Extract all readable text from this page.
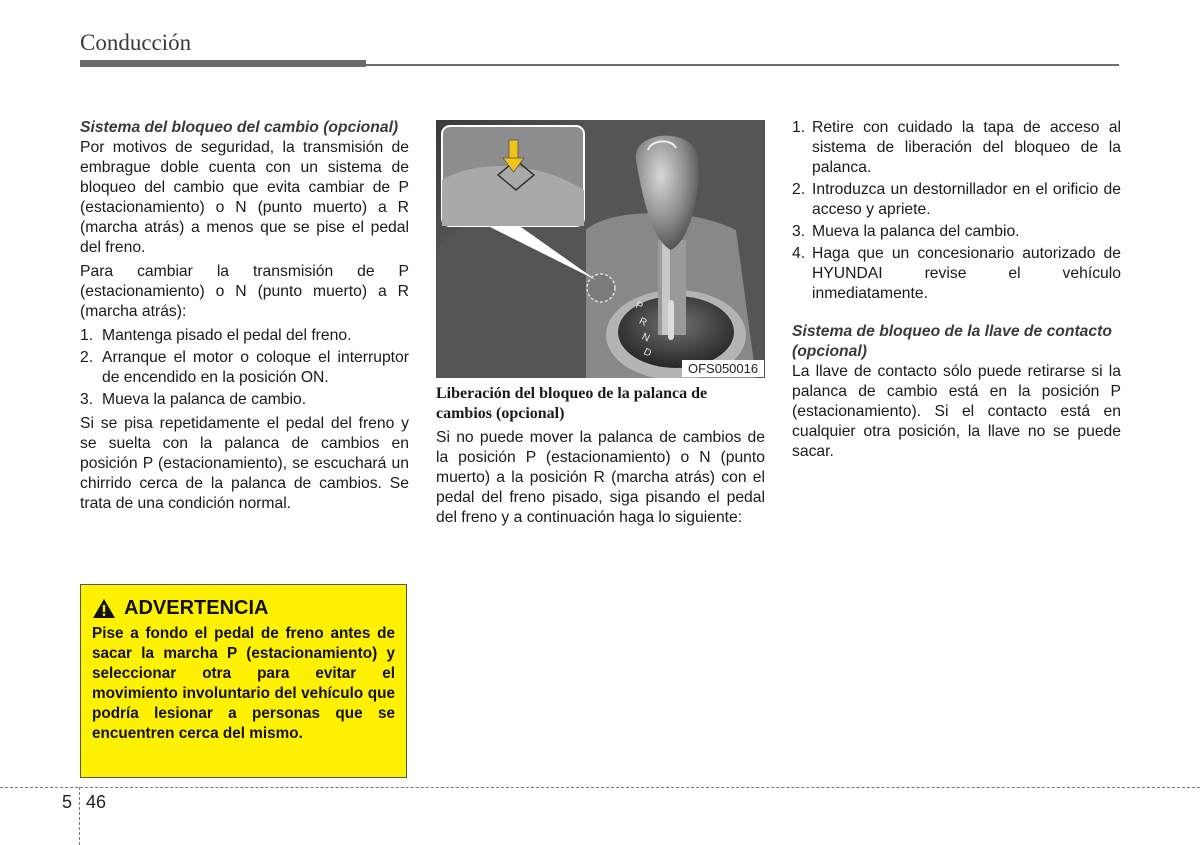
Conducción
Sistema del bloqueo del cambio (opcional)

Por motivos de seguridad, la transmisión de embrague doble cuenta con un sistema de bloqueo del cambio que evita cambiar de P (estacionamiento) o N (punto muerto) a R (marcha atrás) a menos que se pise el pedal del freno.

Para cambiar la transmisión de P (estacionamiento) o N (punto muerto) a R (marcha atrás):

1. Mantenga pisado el pedal del freno.
2. Arranque el motor o coloque el interruptor de encendido en la posición ON.
3. Mueva la palanca de cambio.

Si se pisa repetidamente el pedal del freno y se suelta con la palanca de cambios en posición P (estacionamiento), se escuchará un chirrido cerca de la palanca de cambios. Se trata de una condición normal.

ADVERTENCIA
Pise a fondo el pedal de freno antes de sacar la marcha P (estacionamiento) y seleccionar otra para evitar el movimiento involuntario del vehículo que podría lesionar a personas que se encuentren cerca del mismo.
P
R
N
D
OFS050016
Liberación del bloqueo de la palanca de cambios (opcional)

Si no puede mover la palanca de cambios de la posición P (estacionamiento) o N (punto muerto) a la posición R (marcha atrás) con el pedal del freno pisado, siga pisando el pedal del freno y a continuación haga lo siguiente:

1. Retire con cuidado la tapa de acceso al sistema de liberación del bloqueo de la palanca.
2. Introduzca un destornillador en el orificio de acceso y apriete.
3. Mueva la palanca del cambio.
4. Haga que un concesionario autorizado de HYUNDAI revise el vehículo inmediatamente.
Sistema de bloqueo de la llave de contacto (opcional)

La llave de contacto sólo puede retirarse si la palanca de cambio está en la posición P (estacionamiento). Si el contacto está en cualquier otra posición, la llave no se puede sacar.

5 46
